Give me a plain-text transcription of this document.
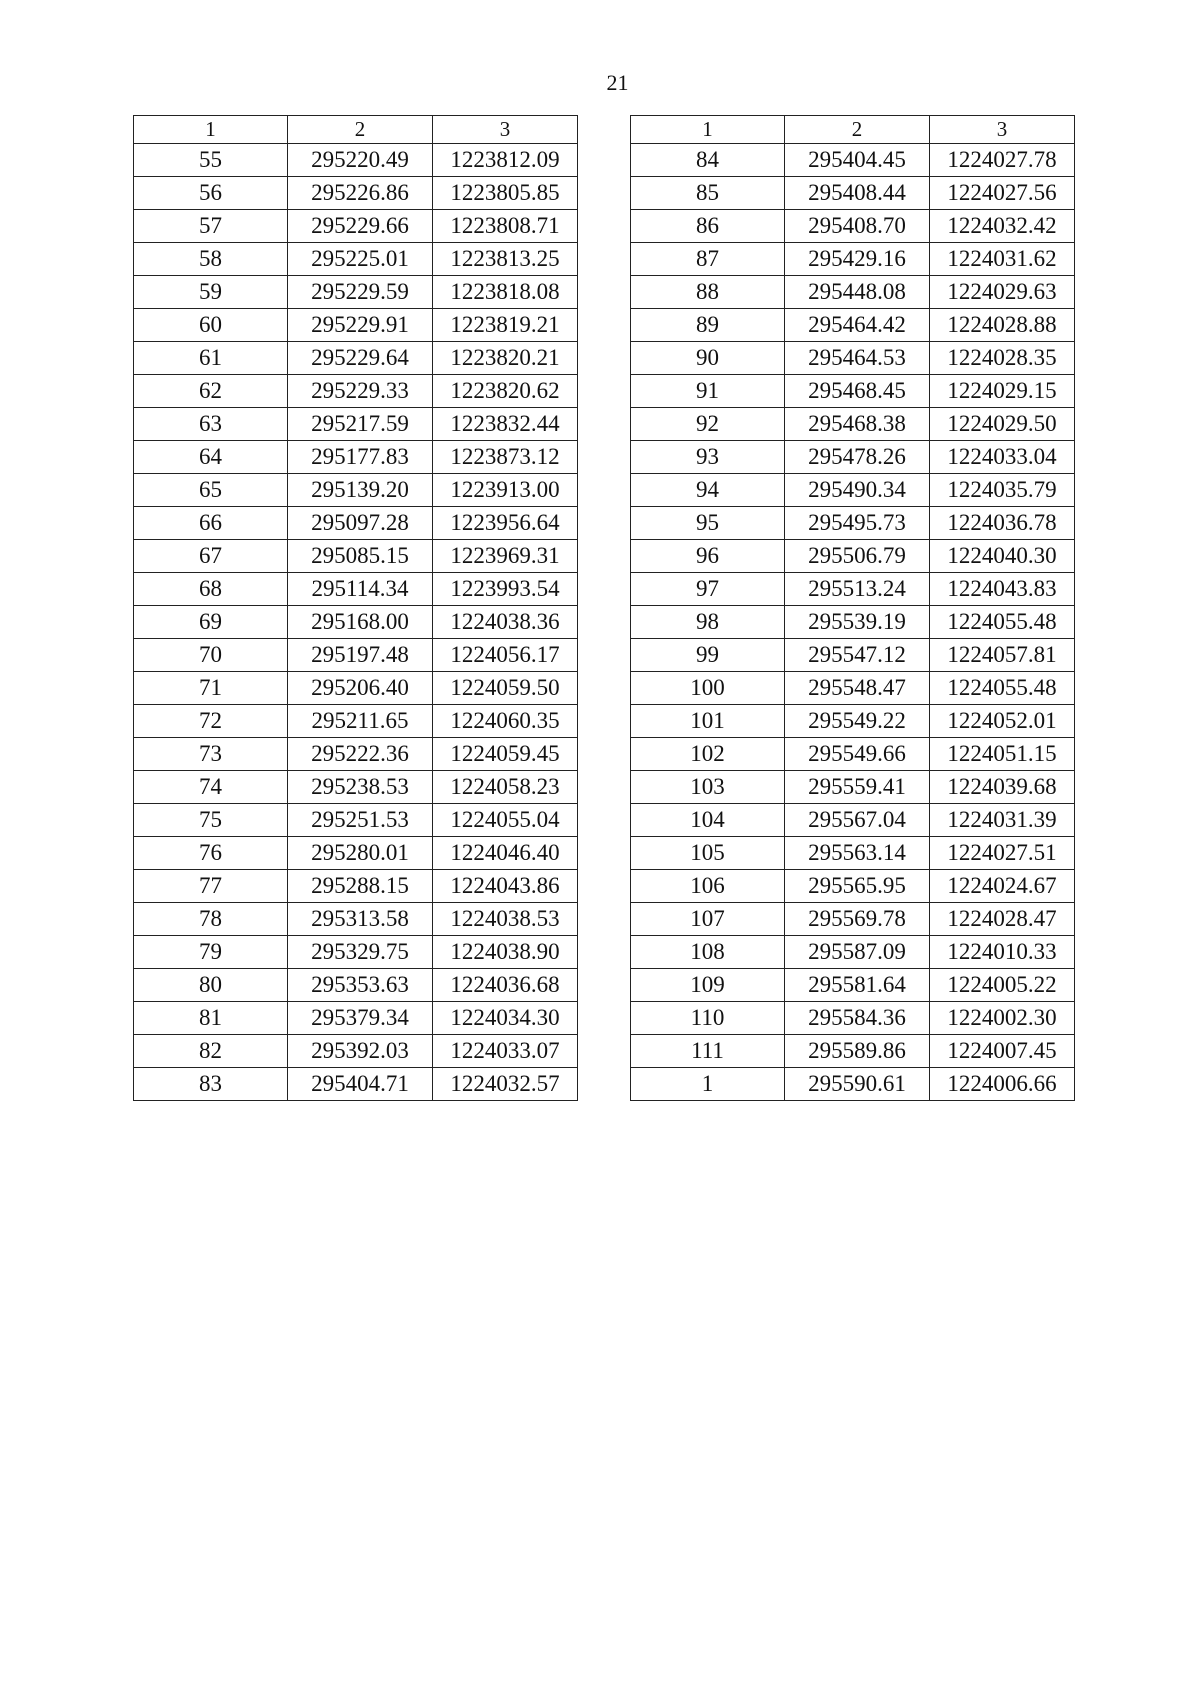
21
1	2	3
55	295220.49	1223812.09
56	295226.86	1223805.85
57	295229.66	1223808.71
58	295225.01	1223813.25
59	295229.59	1223818.08
60	295229.91	1223819.21
61	295229.64	1223820.21
62	295229.33	1223820.62
63	295217.59	1223832.44
64	295177.83	1223873.12
65	295139.20	1223913.00
66	295097.28	1223956.64
67	295085.15	1223969.31
68	295114.34	1223993.54
69	295168.00	1224038.36
70	295197.48	1224056.17
71	295206.40	1224059.50
72	295211.65	1224060.35
73	295222.36	1224059.45
74	295238.53	1224058.23
75	295251.53	1224055.04
76	295280.01	1224046.40
77	295288.15	1224043.86
78	295313.58	1224038.53
79	295329.75	1224038.90
80	295353.63	1224036.68
81	295379.34	1224034.30
82	295392.03	1224033.07
83	295404.71	1224032.57
1	2	3
84	295404.45	1224027.78
85	295408.44	1224027.56
86	295408.70	1224032.42
87	295429.16	1224031.62
88	295448.08	1224029.63
89	295464.42	1224028.88
90	295464.53	1224028.35
91	295468.45	1224029.15
92	295468.38	1224029.50
93	295478.26	1224033.04
94	295490.34	1224035.79
95	295495.73	1224036.78
96	295506.79	1224040.30
97	295513.24	1224043.83
98	295539.19	1224055.48
99	295547.12	1224057.81
100	295548.47	1224055.48
101	295549.22	1224052.01
102	295549.66	1224051.15
103	295559.41	1224039.68
104	295567.04	1224031.39
105	295563.14	1224027.51
106	295565.95	1224024.67
107	295569.78	1224028.47
108	295587.09	1224010.33
109	295581.64	1224005.22
110	295584.36	1224002.30
111	295589.86	1224007.45
1	295590.61	1224006.66
